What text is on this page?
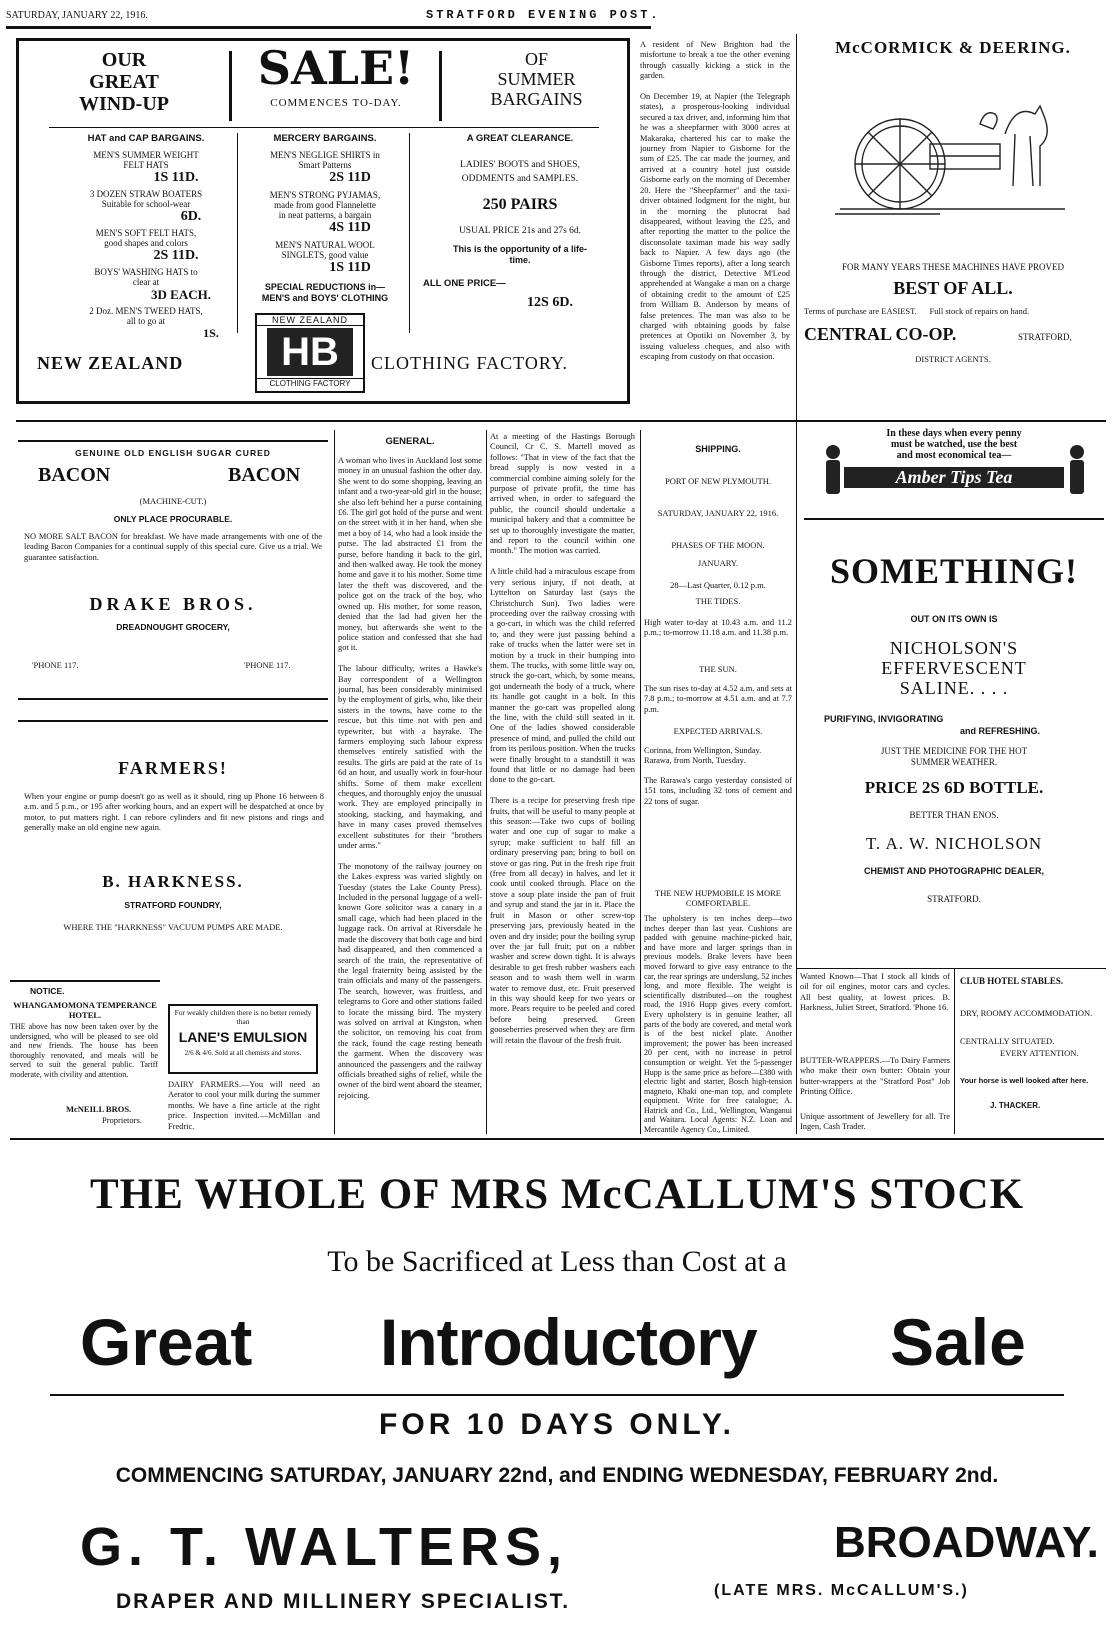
SATURDAY, JANUARY 22, 1916.	STRATFORD EVENING POST.
OUR
GREAT
WIND-UP
SALE!
COMMENCES TO-DAY.
OF
SUMMER
BARGAINS
HAT and CAP BARGAINS.
MEN'S SUMMER WEIGHT
FELT HATS
1S 11D.
3 DOZEN STRAW BOATERS
Suitable for school-wear
6D.
MEN'S SOFT FELT HATS,
good shapes and colors
2S 11D.
BOYS' WASHING HATS to
clear at
3D EACH.
2 Doz. MEN'S TWEED HATS,
all to go at
1S.
MERCERY BARGAINS.
MEN'S NEGLIGE SHIRTS in
Smart Patterns
2S 11D
MEN'S STRONG PYJAMAS,
made from good Flannelette
in neat patterns, a bargain
4S 11D
MEN'S NATURAL WOOL
SINGLETS, good value
1S 11D
SPECIAL REDUCTIONS in—
MEN'S and BOYS' CLOTHING
A GREAT CLEARANCE.
LADIES' BOOTS and SHOES,
ODDMENTS and SAMPLES.
250 PAIRS
USUAL PRICE 21s and 27s 6d.
This is the opportunity of a life-
time.
ALL ONE PRICE—
12S 6D.
NEW ZEALAND
NEW ZEALAND
HB
CLOTHING FACTORY
CLOTHING FACTORY.
A resident of New Brighton had the misfortune to break a toe the other evening through casually kicking a stick in the garden.

On December 19, at Napier (the Telegraph states), a prosperous-looking individual secured a tax driver, and, informing him that he was a sheepfarmer with 3000 acres at Makaraka, chartered his car to make the journey from Napier to Gisborne for the sum of £25. The car made the journey, and arrived at a country hotel just outside Gisborne early on the morning of December 20. Here the "Sheepfarmer" and the taxi-driver obtained lodgment for the night, but in the morning the plutocrat had disappeared, without leaving the £25, and after reporting the matter to the police the disconsolate taximan made his way sadly back to Napier. A few days ago (the Gisborne Times reports), after a long search through the district, Detective M'Leod apprehended at Wangake a man on a charge of obtaining credit to the amount of £25 from William B. Anderson by means of false pretences. The man was also to be charged with obtaining goods by false pretences at Opotiki on November 3, by issuing valueless cheques, and also with escaping from custody on that occasion.
McCORMICK & DEERING.
FOR MANY YEARS THESE MACHINES HAVE PROVED
BEST OF ALL.
Terms of purchase are EASIEST.      Full stock of repairs on hand.
CENTRAL CO-OP.	STRATFORD,
DISTRICT AGENTS.
GENUINE OLD ENGLISH SUGAR CURED
BACON	BACON
(MACHINE-CUT.)
ONLY PLACE PROCURABLE.
NO MORE SALT BACON for breakfast. We have made arrangements with one of the leading Bacon Companies for a continual supply of this special cure. Give us a trial. We guarantee satisfaction.
DRAKE BROS.
DREADNOUGHT GROCERY,
'PHONE 117.	'PHONE 117.
FARMERS!
When your engine or pump doesn't go as well as it should, ring up Phone 16 between 8 a.m. and 5 p.m., or 195 after working hours, and an expert will be despatched at once by motor, to put matters right. I can rebore cylinders and fit new pistons and rings and generally make an old engine new again.
B. HARKNESS.
STRATFORD FOUNDRY,
WHERE THE "HARKNESS" VACUUM PUMPS ARE MADE.
NOTICE.
WHANGAMOMONA TEMPERANCE
HOTEL.
THE above has now been taken over by the undersigned, who will be pleased to see old and new friends. The house has been thoroughly renovated, and meals will be served to suit the general public. Tariff moderate, with civility and attention.
McNEILL BROS.
Proprietors.
For weakly children there is no better remedy than
LANE'S EMULSION
2/6 & 4/6. Sold at all chemists and stores.
DAIRY FARMERS.—You will need an Aerator to cool your milk during the summer months. We have a fine article at the right price. Inspection invited.—McMillan and Fredric.
GENERAL.
A woman who lives in Auckland lost some money in an unusual fashion the other day. She went to do some shopping, leaving an infant and a two-year-old girl in the house; she also left behind her a purse containing £6. The girl got hold of the purse and went on the street with it in her hand, when she met a boy of 14, who had a look inside the purse. The lad abstracted £1 from the purse, before handing it back to the girl, and then walked away. He took the money home and gave it to his mother. Some time later the theft was discovered, and the police got on the track of the boy, who owned up. His mother, for some reason, denied that the lad had given her the money, but afterwards she went to the police station and confessed that she had got it.

The labour difficulty, writes a Hawke's Bay correspondent of a Wellington journal, has been considerably minimised by the employment of girls, who, like their sisters in the towns, have come to the rescue, but this time not with pen and typewriter, but with a hayrake. The farmers employing such labour express themselves entirely satisfied with the results. The girls are paid at the rate of 1s 6d an hour, and usually work in four-hour shifts. Some of them make excellent cheques, and thoroughly enjoy the unusual work. They are employed principally in stooking, stacking, and haymaking, and have in many cases proved themselves excellent substitutes for their "brothers under arms."

The monotony of the railway journey on the Lakes express was varied slightly on Tuesday (states the Lake County Press). Included in the personal luggage of a well-known Gore solicitor was a canary in a small cage, which had been placed in the luggage rack. On arrival at Riversdale he made the discovery that both cage and bird had disappeared, and then commenced a search of the train, the representative of the legal fraternity being assisted by the train officials and many of the passengers. The search, however, was fruitless, and telegrams to Gore and other stations failed to locate the missing bird. The mystery was solved on arrival at Kingston, when the solicitor, on removing his coat from the rack, found the cage resting beneath the garment. When the discovery was announced the passengers and the railway officials breathed sighs of relief, while the owner of the bird went aboard the steamer, rejoicing.
At a meeting of the Hastings Borough Council, Cr C. S. Martell moved as follows: "That in view of the fact that the bread supply is now vested in a commercial combine aiming solely for the purpose of private profit, the time has arrived when, in order to safeguard the public, the council should undertake a municipal bakery and that a committee be set up to thoroughly investigate the matter, and report to the council within one month." The motion was carried.

A little child had a miraculous escape from very serious injury, if not death, at Lyttelton on Saturday last (says the Christchurch Sun). Two ladies were proceeding over the railway crossing with a go-cart, in which was the child referred to, and they were just passing behind a rake of trucks when the latter were set in motion by a truck in their bumping into them. The trucks, with some little way on, struck the go-cart, which, by some means, got underneath the body of a truck, where its handle got caught in a bolt. In this manner the go-cart was propelled along the line, with the child still seated in it. One of the ladies showed considerable presence of mind, and pulled the child out from its perilous position. When the trucks were finally brought to a standstill it was found that little or no damage had been done to the go-cart.

There is a recipe for preserving fresh ripe fruits, that will be useful to many people at this season:—Take two cups of boiling water and one cup of sugar to make a syrup; make sufficient to half fill an ordinary preserving pan; bring to boil on stove or gas ring. Put in the fresh ripe fruit (free from all decay) in halves, and let it cook until cooked through. Place on the stove a soup plate inside the pan of fruit and syrup and stand the jar in it. Place the fruit in Mason or other screw-top preserving jars, previously heated in the oven and dry inside; pour the boiling syrup over the jar full fruit; put on a rubber washer and screw down tight. It is always desirable to get fresh rubber washers each season and to wash them well in warm water to remove dust, etc. Fruit preserved in this way should keep for two years or more. Pears require to be peeled and cored before being preserved. Green gooseberries preserved when they are firm will retain the flavour of the fresh fruit.
SHIPPING.
PORT OF NEW PLYMOUTH.
SATURDAY, JANUARY 22, 1916.
PHASES OF THE MOON.
JANUARY.
28—Last Quarter, 0.12 p.m.
THE TIDES.
High water to-day at 10.43 a.m. and 11.2 p.m.; to-morrow 11.18 a.m. and 11.38 p.m.
THE SUN.
The sun rises to-day at 4.52 a.m. and sets at 7.8 p.m.; to-morrow at 4.51 a.m. and at 7.7 p.m.
EXPECTED ARRIVALS.
Corinna, from Wellington, Sunday.
Rarawa, from North, Tuesday.
The Rarawa's cargo yesterday consisted of 151 tons, including 32 tons of cement and 22 tons of sugar.
THE NEW HUPMOBILE IS MORE COMFORTABLE.
The upholstery is ten inches deep—two inches deeper than last year. Cushions are padded with genuine machine-picked hair, and have more and larger springs than in previous models. Brake levers have been moved forward to give easy entrance to the car, the rear springs are underslung, 52 inches long, and more flexible. The weight is scientifically distributed—on the roughest road, the 1916 Hupp gives every comfort. Every upholstery is in genuine leather, all parts of the body are covered, and metal work is of the best nickel plate. Another improvement; the power has been increased 20 per cent, with no increase in petrol consumption or weight. Yet the 5-passenger Hupp is the same price as before—£380 with electric light and starter, Bosch high-tension magneto, Khaki one-man top, and complete equipment. Write for free catalogue; A. Hatrick and Co., Ltd., Wellington, Wanganui and Waitara. Local Agents: N.Z. Loan and Mercantile Agency Co., Limited.
In these days when every penny
must be watched, use the best
and most economical tea—
Amber Tips Tea
SOMETHING!
OUT ON ITS OWN IS
NICHOLSON'S
EFFERVESCENT
SALINE. . . .
PURIFYING, INVIGORATING
and REFRESHING.
JUST THE MEDICINE FOR THE HOT
SUMMER WEATHER.
PRICE 2S 6D BOTTLE.
BETTER THAN ENOS.
T. A. W. NICHOLSON
CHEMIST AND PHOTOGRAPHIC DEALER,
STRATFORD.
Wanted Known—That I stock all kinds of oil for oil engines, motor cars and cycles. All best quality, at lowest prices. B. Harkness, Juliet Street, Stratford. 'Phone 16.
BUTTER-WRAPPERS.—To Dairy Farmers who make their own butter: Obtain your butter-wrappers at the "Stratford Post" Job Printing Office.
Unique assortment of Jewellery for all. Tre Ingen, Cash Trader.
CLUB HOTEL STABLES.
DRY, ROOMY ACCOMMODATION.
CENTRALLY SITUATED.
EVERY ATTENTION.
Your horse is well looked after here.
J. THACKER.
THE WHOLE OF MRS McCALLUM'S STOCK
To be Sacrificed at Less than Cost at a
Great Introductory Sale
FOR 10 DAYS ONLY.
COMMENCING SATURDAY, JANUARY 22nd, and ENDING WEDNESDAY, FEBRUARY 2nd.
G. T. WALTERS,	BROADWAY.
DRAPER AND MILLINERY SPECIALIST.	(LATE MRS. McCALLUM'S.)
